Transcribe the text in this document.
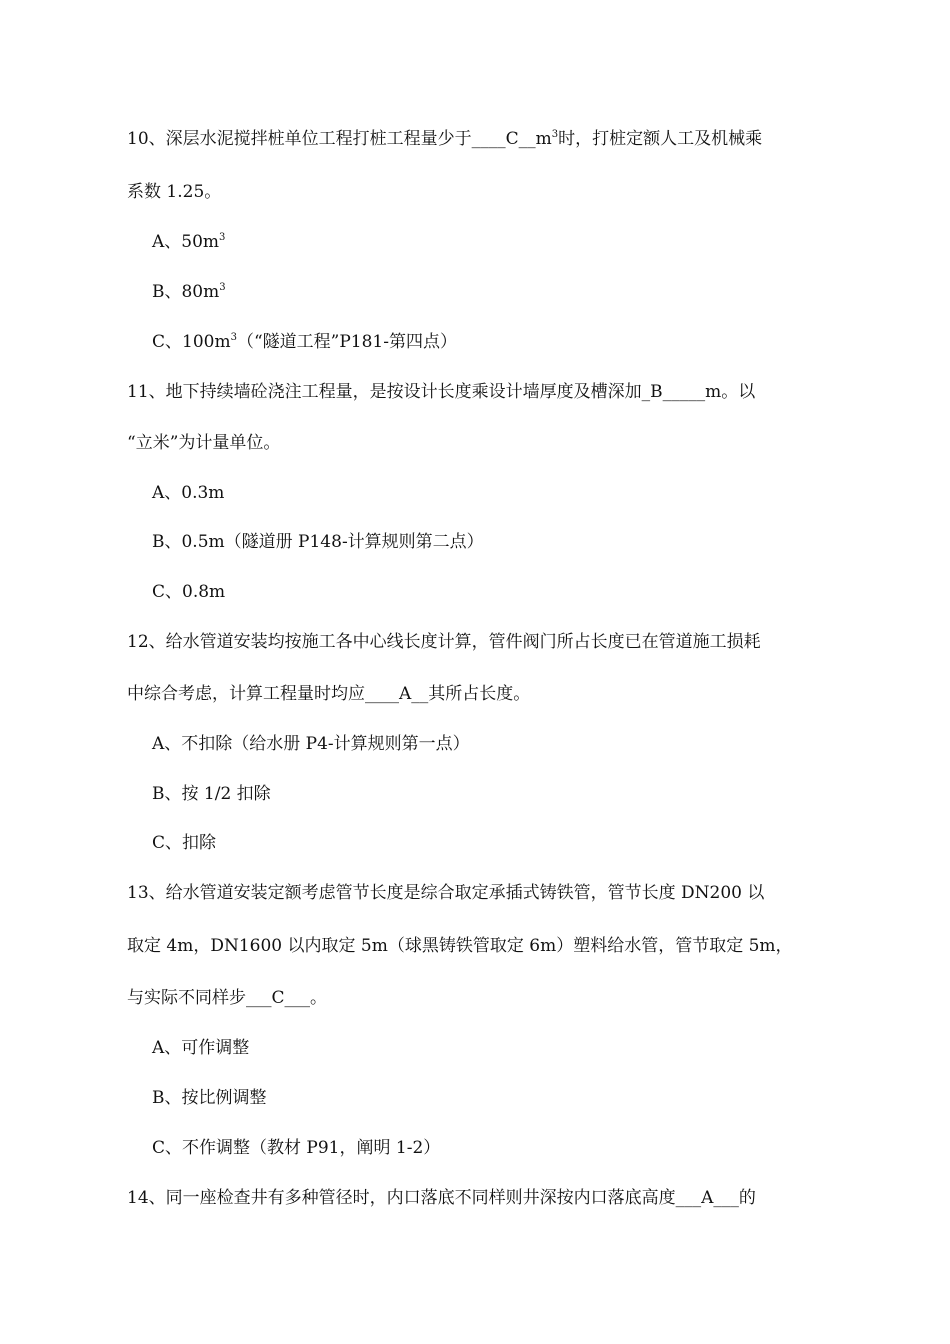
10、深层水泥搅拌桩单位工程打桩工程量少于$\_\_\_\_C\_\_m^3$时，打桩定额人工及机械乘
系数 1.25。
A、$50m^3$
B、$80m^3$
C、$100m^3(“$隧道工程”P181-第四点）
11、地下持续墙砼浇注工程量，是按设计长度乘设计墙厚度及槽深加_B_____m。以
“立米”为计量单位。
A、0.3m
B、0.5m（隧道册 P148-计算规则第二点）
C、0.8m
12、给水管道安装均按施工各中心线长度计算，管件阀门所占长度已在管道施工损耗
中综合考虑，计算工程量时均应____A__其所占长度。
A、不扣除（给水册 P4-计算规则第一点）
B、按 1/2 扣除
C、扣除
13、给水管道安装定额考虑管节长度是综合取定承插式铸铁管，管节长度 DN200 以
取定 4m，DN1600 以内取定 5m（球黑铸铁管取定 6m）塑料给水管，管节取定 5m，
与实际不同样步___C___。
A、可作调整
B、按比例调整
C、不作调整（教材 P91，阐明 1-2）
14、同一座检查井有多种管径时，内口落底不同样则井深按内口落底高度___A___的
